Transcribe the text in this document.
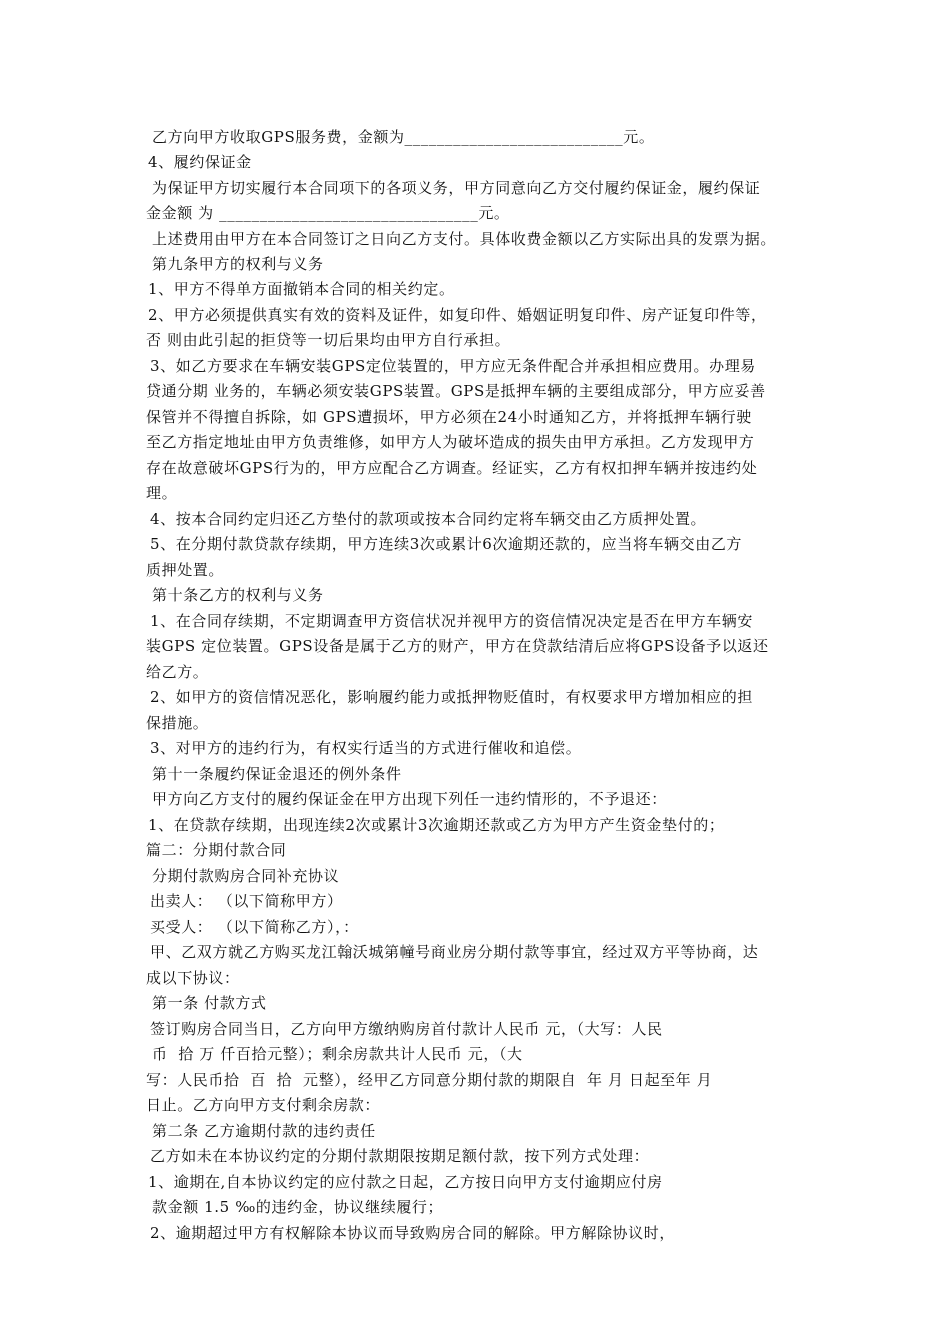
乙方向甲方收取GPS服务费，金额为___________________________元。
4、履约保证金
为保证甲方切实履行本合同项下的各项义务，甲方同意向乙方交付履约保证金，履约保证
金金额 为 ________________________________元。
上述费用由甲方在本合同签订之日向乙方支付。具体收费金额以乙方实际出具的发票为据。
第九条甲方的权利与义务
1、甲方不得单方面撤销本合同的相关约定。
2、甲方必须提供真实有效的资料及证件，如复印件、婚姻证明复印件、房产证复印件等，
否 则由此引起的拒贷等一切后果均由甲方自行承担。
3、如乙方要求在车辆安装GPS定位装置的，甲方应无条件配合并承担相应费用。办理易
贷通分期 业务的，车辆必须安装GPS装置。GPS是抵押车辆的主要组成部分，甲方应妥善
保管并不得擅自拆除，如 GPS遭损坏，甲方必须在24小时通知乙方，并将抵押车辆行驶
至乙方指定地址由甲方负责维修，如甲方人为破坏造成的损失由甲方承担。乙方发现甲方
存在故意破坏GPS行为的，甲方应配合乙方调查。经证实，乙方有权扣押车辆并按违约处
理。
4、按本合同约定归还乙方垫付的款项或按本合同约定将车辆交由乙方质押处置。
5、在分期付款贷款存续期，甲方连续3次或累计6次逾期还款的，应当将车辆交由乙方
质押处置。
第十条乙方的权利与义务
1、在合同存续期，不定期调查甲方资信状况并视甲方的资信情况决定是否在甲方车辆安
装GPS 定位装置。GPS设备是属于乙方的财产，甲方在贷款结清后应将GPS设备予以返还
给乙方。
2、如甲方的资信情况恶化，影响履约能力或抵押物贬值时，有权要求甲方增加相应的担
保措施。
3、对甲方的违约行为，有权实行适当的方式进行催收和追偿。
第十一条履约保证金退还的例外条件
甲方向乙方支付的履约保证金在甲方出现下列任一违约情形的，不予退还：
1、在贷款存续期，出现连续2次或累计3次逾期还款或乙方为甲方产生资金垫付的；
篇二：分期付款合同
分期付款购房合同补充协议
出卖人： （以下简称甲方）
买受人： （以下简称乙方），：
甲、乙双方就乙方购买龙江翰沃城第幢号商业房分期付款等事宜，经过双方平等协商，达
成以下协议：
第一条 付款方式
签订购房合同当日，乙方向甲方缴纳购房首付款计人民币 元，（大写：人民
币  拾 万 仟百拾元整）；剩余房款共计人民币 元，（大
写：人民币拾  百  拾  元整），经甲乙方同意分期付款的期限自  年 月 日起至年 月
日止。乙方向甲方支付剩余房款：
第二条 乙方逾期付款的违约责任
乙方如未在本协议约定的分期付款期限按期足额付款，按下列方式处理：
1、逾期在,自本协议约定的应付款之日起，乙方按日向甲方支付逾期应付房
款金额 1.5 ‰的违约金，协议继续履行；
2、逾期超过甲方有权解除本协议而导致购房合同的解除。甲方解除协议时，
